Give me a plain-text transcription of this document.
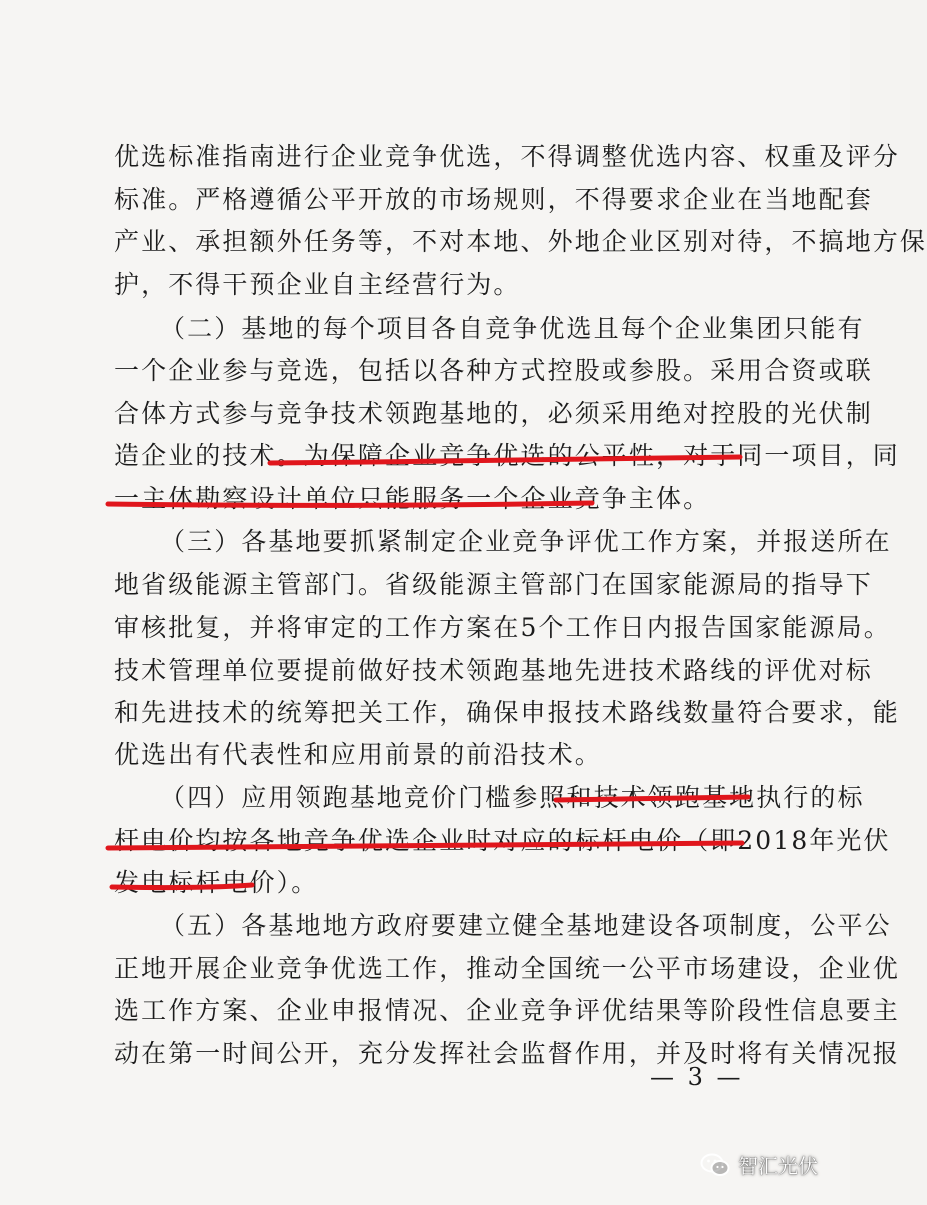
优选标准指南进行企业竞争优选，不得调整优选内容、权重及评分
标准。严格遵循公平开放的市场规则，不得要求企业在当地配套
产业、承担额外任务等，不对本地、外地企业区别对待，不搞地方保
护，不得干预企业自主经营行为。
（二）基地的每个项目各自竞争优选且每个企业集团只能有
一个企业参与竞选，包括以各种方式控股或参股。采用合资或联
合体方式参与竞争技术领跑基地的，必须采用绝对控股的光伏制
造企业的技术。为保障企业竞争优选的公平性，对于同一项目，同
一主体勘察设计单位只能服务一个企业竞争主体。
（三）各基地要抓紧制定企业竞争评优工作方案，并报送所在
地省级能源主管部门。省级能源主管部门在国家能源局的指导下
审核批复，并将审定的工作方案在5个工作日内报告国家能源局。
技术管理单位要提前做好技术领跑基地先进技术路线的评优对标
和先进技术的统筹把关工作，确保申报技术路线数量符合要求，能
优选出有代表性和应用前景的前沿技术。
（四）应用领跑基地竞价门槛参照和技术领跑基地执行的标
杆电价均按各地竞争优选企业时对应的标杆电价（即2018年光伏
发电标杆电价）。
（五）各基地地方政府要建立健全基地建设各项制度，公平公
正地开展企业竞争优选工作，推动全国统一公平市场建设，企业优
选工作方案、企业申报情况、企业竞争评优结果等阶段性信息要主
动在第一时间公开，充分发挥社会监督作用，并及时将有关情况报
— 3 —
智汇光伏
